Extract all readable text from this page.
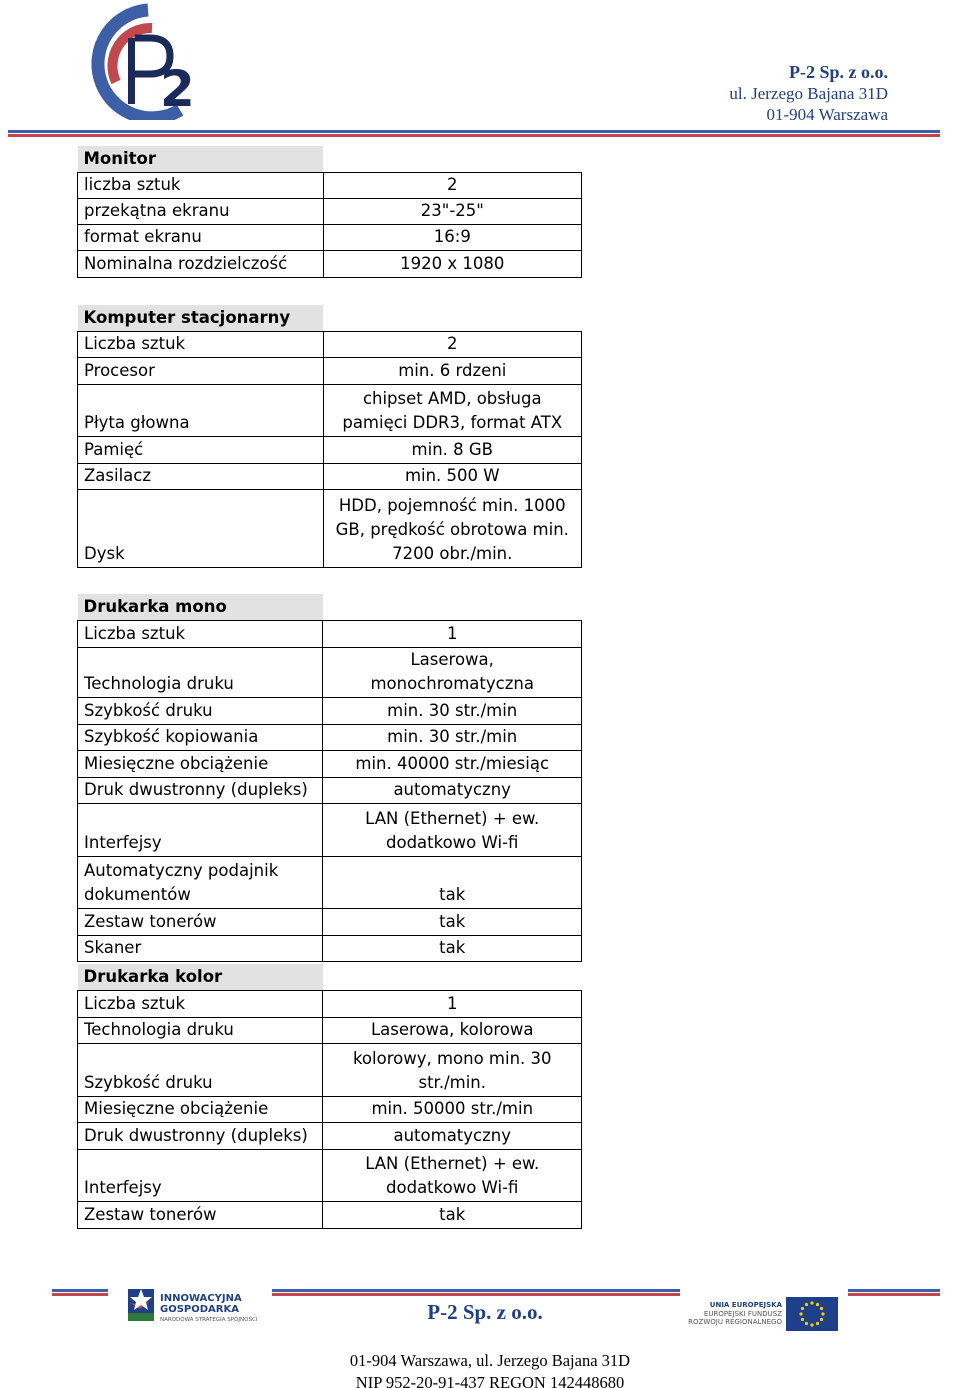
2	P-2 Sp. z o.o.
ul. Jerzego Bajana 31D
01-904 Warszawa
Monitor	
liczba sztuk	2
przekątna ekranu	23"-25"
format ekranu	16:9
Nominalna rozdzielczość	1920 x 1080
Komputer stacjonarny	
Liczba sztuk	2
Procesor	min. 6 rdzeni
Płyta głowna	chipset AMD, obsługa pamięci DDR3, format ATX
Pamięć	min. 8 GB
Zasilacz	min. 500 W
Dysk	HDD, pojemność min. 1000 GB, prędkość obrotowa min. 7200 obr./min.
Drukarka mono	
Liczba sztuk	1
Technologia druku	Laserowa, monochromatyczna
Szybkość druku	min. 30 str./min
Szybkość kopiowania	min. 30 str./min
Miesięczne obciążenie	min. 40000 str./miesiąc
Druk dwustronny (dupleks)	automatyczny
Interfejsy	LAN (Ethernet) + ew. dodatkowo Wi-fi
Automatyczny podajnik dokumentów	tak
Zestaw tonerów	tak
Skaner	tak
Drukarka kolor	
Liczba sztuk	1
Technologia druku	Laserowa, kolorowa
Szybkość druku	kolorowy, mono min. 30 str./min.
Miesięczne obciążenie	min. 50000 str./min
Druk dwustronny (dupleks)	automatyczny
Interfejsy	LAN (Ethernet) + ew. dodatkowo Wi-fi
Zestaw tonerów	tak
INNOWACYJNA
GOSPODARKA
NARODOWA STRATEGIA SPÓJNOŚCI	P-2 Sp. z o.o.	UNIA EUROPEJSKA
EUROPEJSKI FUNDUSZ
ROZWOJU REGIONALNEGO
01-904 Warszawa, ul. Jerzego Bajana 31D
NIP 952-20-91-437 REGON 142448680
